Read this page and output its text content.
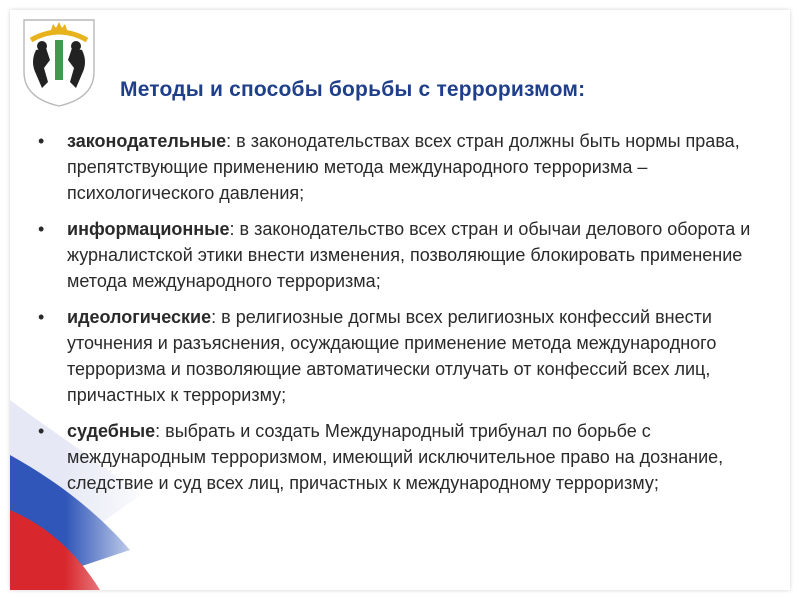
Методы и способы борьбы с терроризмом:
• законодательные: в законодательствах всех стран должны быть нормы права, препятствующие применению метода международного терроризма – психологического давления;
• информационные: в законодательство всех стран и обычаи делового оборота и журналистской этики внести изменения, позволяющие блокировать применение метода международного терроризма;
• идеологические: в религиозные догмы всех религиозных конфессий внести уточнения и разъяснения, осуждающие применение метода международного терроризма и позволяющие автоматически отлучать от конфессий всех лиц, причастных к терроризму;
• судебные: выбрать и создать Международный трибунал по борьбе с международным терроризмом, имеющий исключительное право на дознание, следствие и суд всех лиц, причастных к международному терроризму;
